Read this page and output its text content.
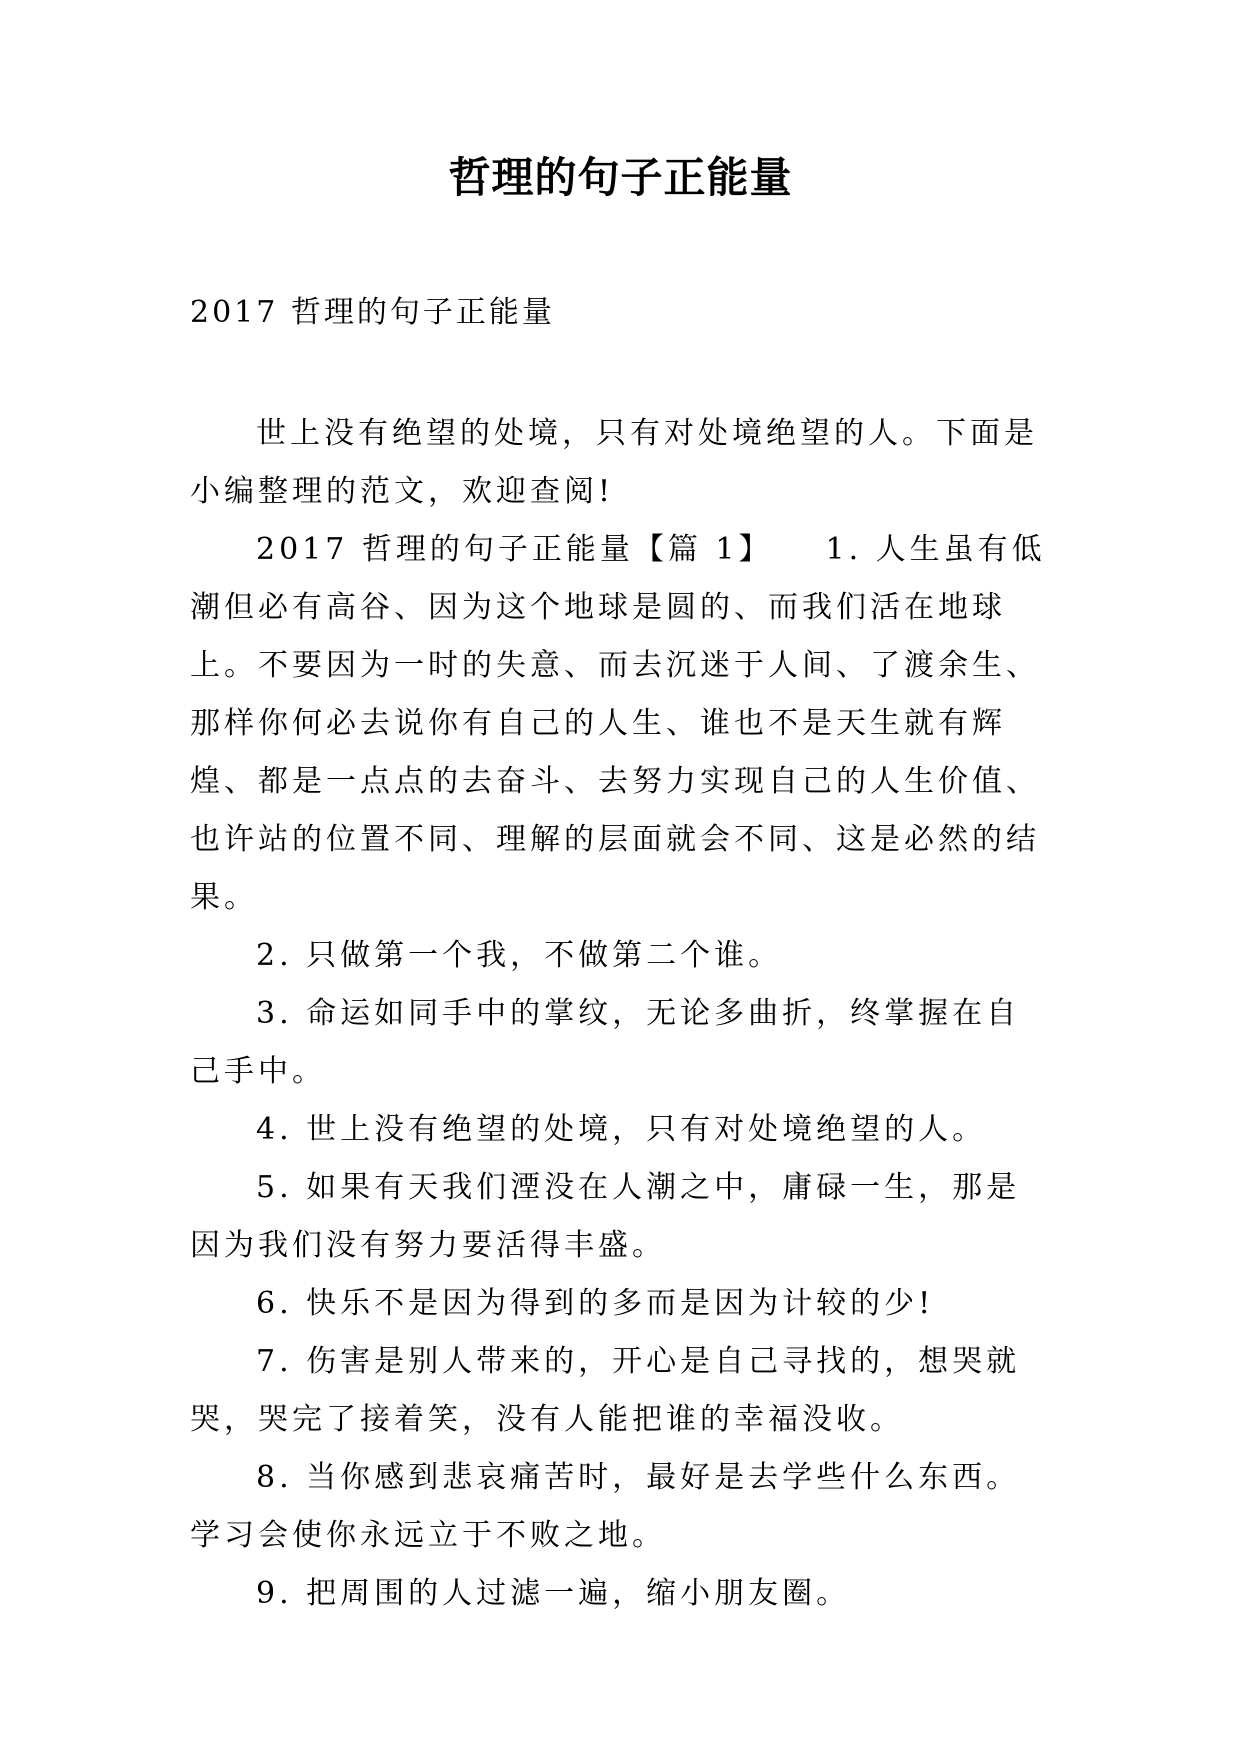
哲理的句子正能量
2017 哲理的句子正能量

世上没有绝望的处境，只有对处境绝望的人。下面是小编整理的范文，欢迎查阅!

2017 哲理的句子正能量【篇 1】　　1. 人生虽有低潮但必有高谷、因为这个地球是圆的、而我们活在地球上。不要因为一时的失意、而去沉迷于人间、了渡余生、那样你何必去说你有自己的人生、谁也不是天生就有辉煌、都是一点点的去奋斗、去努力实现自己的人生价值、也许站的位置不同、理解的层面就会不同、这是必然的结果。

2. 只做第一个我，不做第二个谁。

3. 命运如同手中的掌纹，无论多曲折，终掌握在自己手中。

4. 世上没有绝望的处境，只有对处境绝望的人。

5. 如果有天我们湮没在人潮之中，庸碌一生，那是因为我们没有努力要活得丰盛。

6. 快乐不是因为得到的多而是因为计较的少!

7. 伤害是别人带来的，开心是自己寻找的，想哭就哭，哭完了接着笑，没有人能把谁的幸福没收。

8. 当你感到悲哀痛苦时，最好是去学些什么东西。学习会使你永远立于不败之地。

9. 把周围的人过滤一遍，缩小朋友圈。
